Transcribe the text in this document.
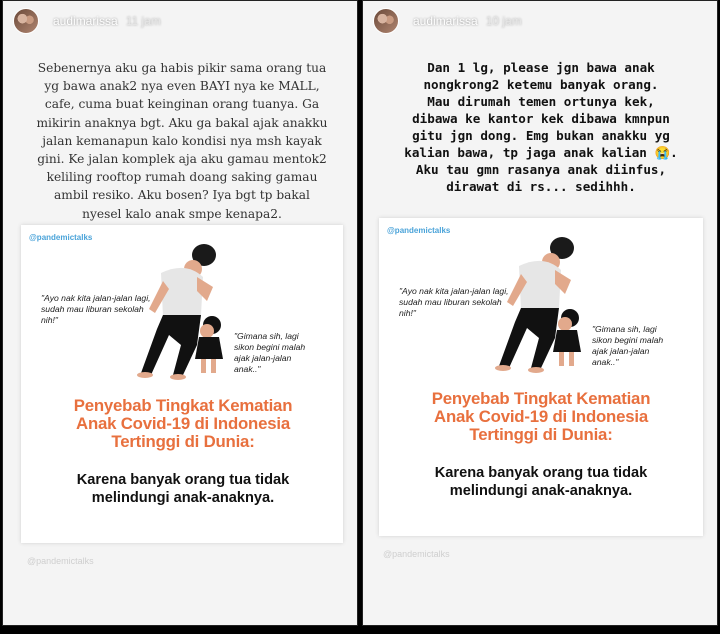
audimarissa 11 jam
Sebenernya aku ga habis pikir sama orang tua
yg bawa anak2 nya even BAYI nya ke MALL,
cafe, cuma buat keinginan orang tuanya. Ga
mikirin anaknya bgt. Aku ga bakal ajak anakku
jalan kemanapun kalo kondisi nya msh kayak
gini. Ke jalan komplek aja aku gamau mentok2
keliling rooftop rumah doang saking gamau
ambil resiko. Aku bosen? Iya bgt tp bakal
nyesel kalo anak smpe kenapa2.
@pandemictalks
"Ayo nak kita jalan-jalan lagi, sudah mau liburan sekolah nih!"
"Gimana sih, lagi sikon begini malah ajak jalan-jalan anak.."
Penyebab Tingkat Kematian
Anak Covid-19 di Indonesia
Tertinggi di Dunia:
Karena banyak orang tua tidak
melindungi anak-anaknya.
@pandemictalks
audimarissa 10 jam
Dan 1 lg, please jgn bawa anak
nongkrong2 ketemu banyak orang.
Mau dirumah temen ortunya kek,
dibawa ke kantor kek dibawa kmnpun
gitu jgn dong. Emg bukan anakku yg
kalian bawa, tp jaga anak kalian 😭.
Aku tau gmn rasanya anak diinfus,
dirawat di rs... sedihhh.
@pandemictalks
"Ayo nak kita jalan-jalan lagi, sudah mau liburan sekolah nih!"
"Gimana sih, lagi sikon begini malah ajak jalan-jalan anak.."
Penyebab Tingkat Kematian
Anak Covid-19 di Indonesia
Tertinggi di Dunia:
Karena banyak orang tua tidak
melindungi anak-anaknya.
@pandemictalks
